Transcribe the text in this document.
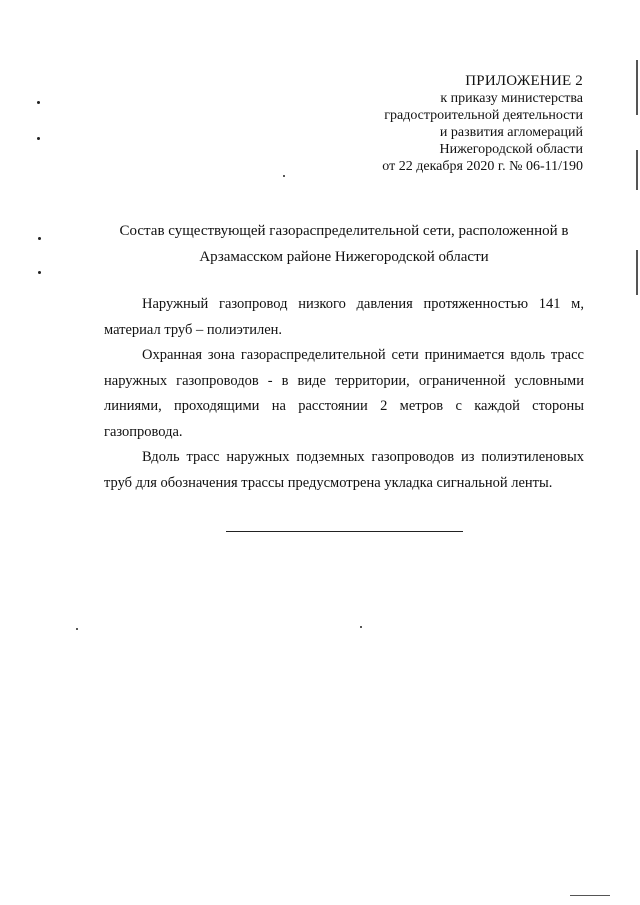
ПРИЛОЖЕНИЕ 2
к приказу министерства
градостроительной деятельности
и развития агломераций
Нижегородской области
от 22 декабря 2020 г. № 06-11/190
Состав существующей газораспределительной сети, расположенной в
Арзамасском районе Нижегородской области

Наружный газопровод низкого давления протяженностью 141 м, материал труб – полиэтилен.

Охранная зона газораспределительной сети принимается вдоль трасс наружных газопроводов - в виде территории, ограниченной условными линиями, проходящими на расстоянии 2 метров с каждой стороны газопровода.

Вдоль трасс наружных подземных газопроводов из полиэтиленовых труб для обозначения трассы предусмотрена укладка сигнальной ленты.
